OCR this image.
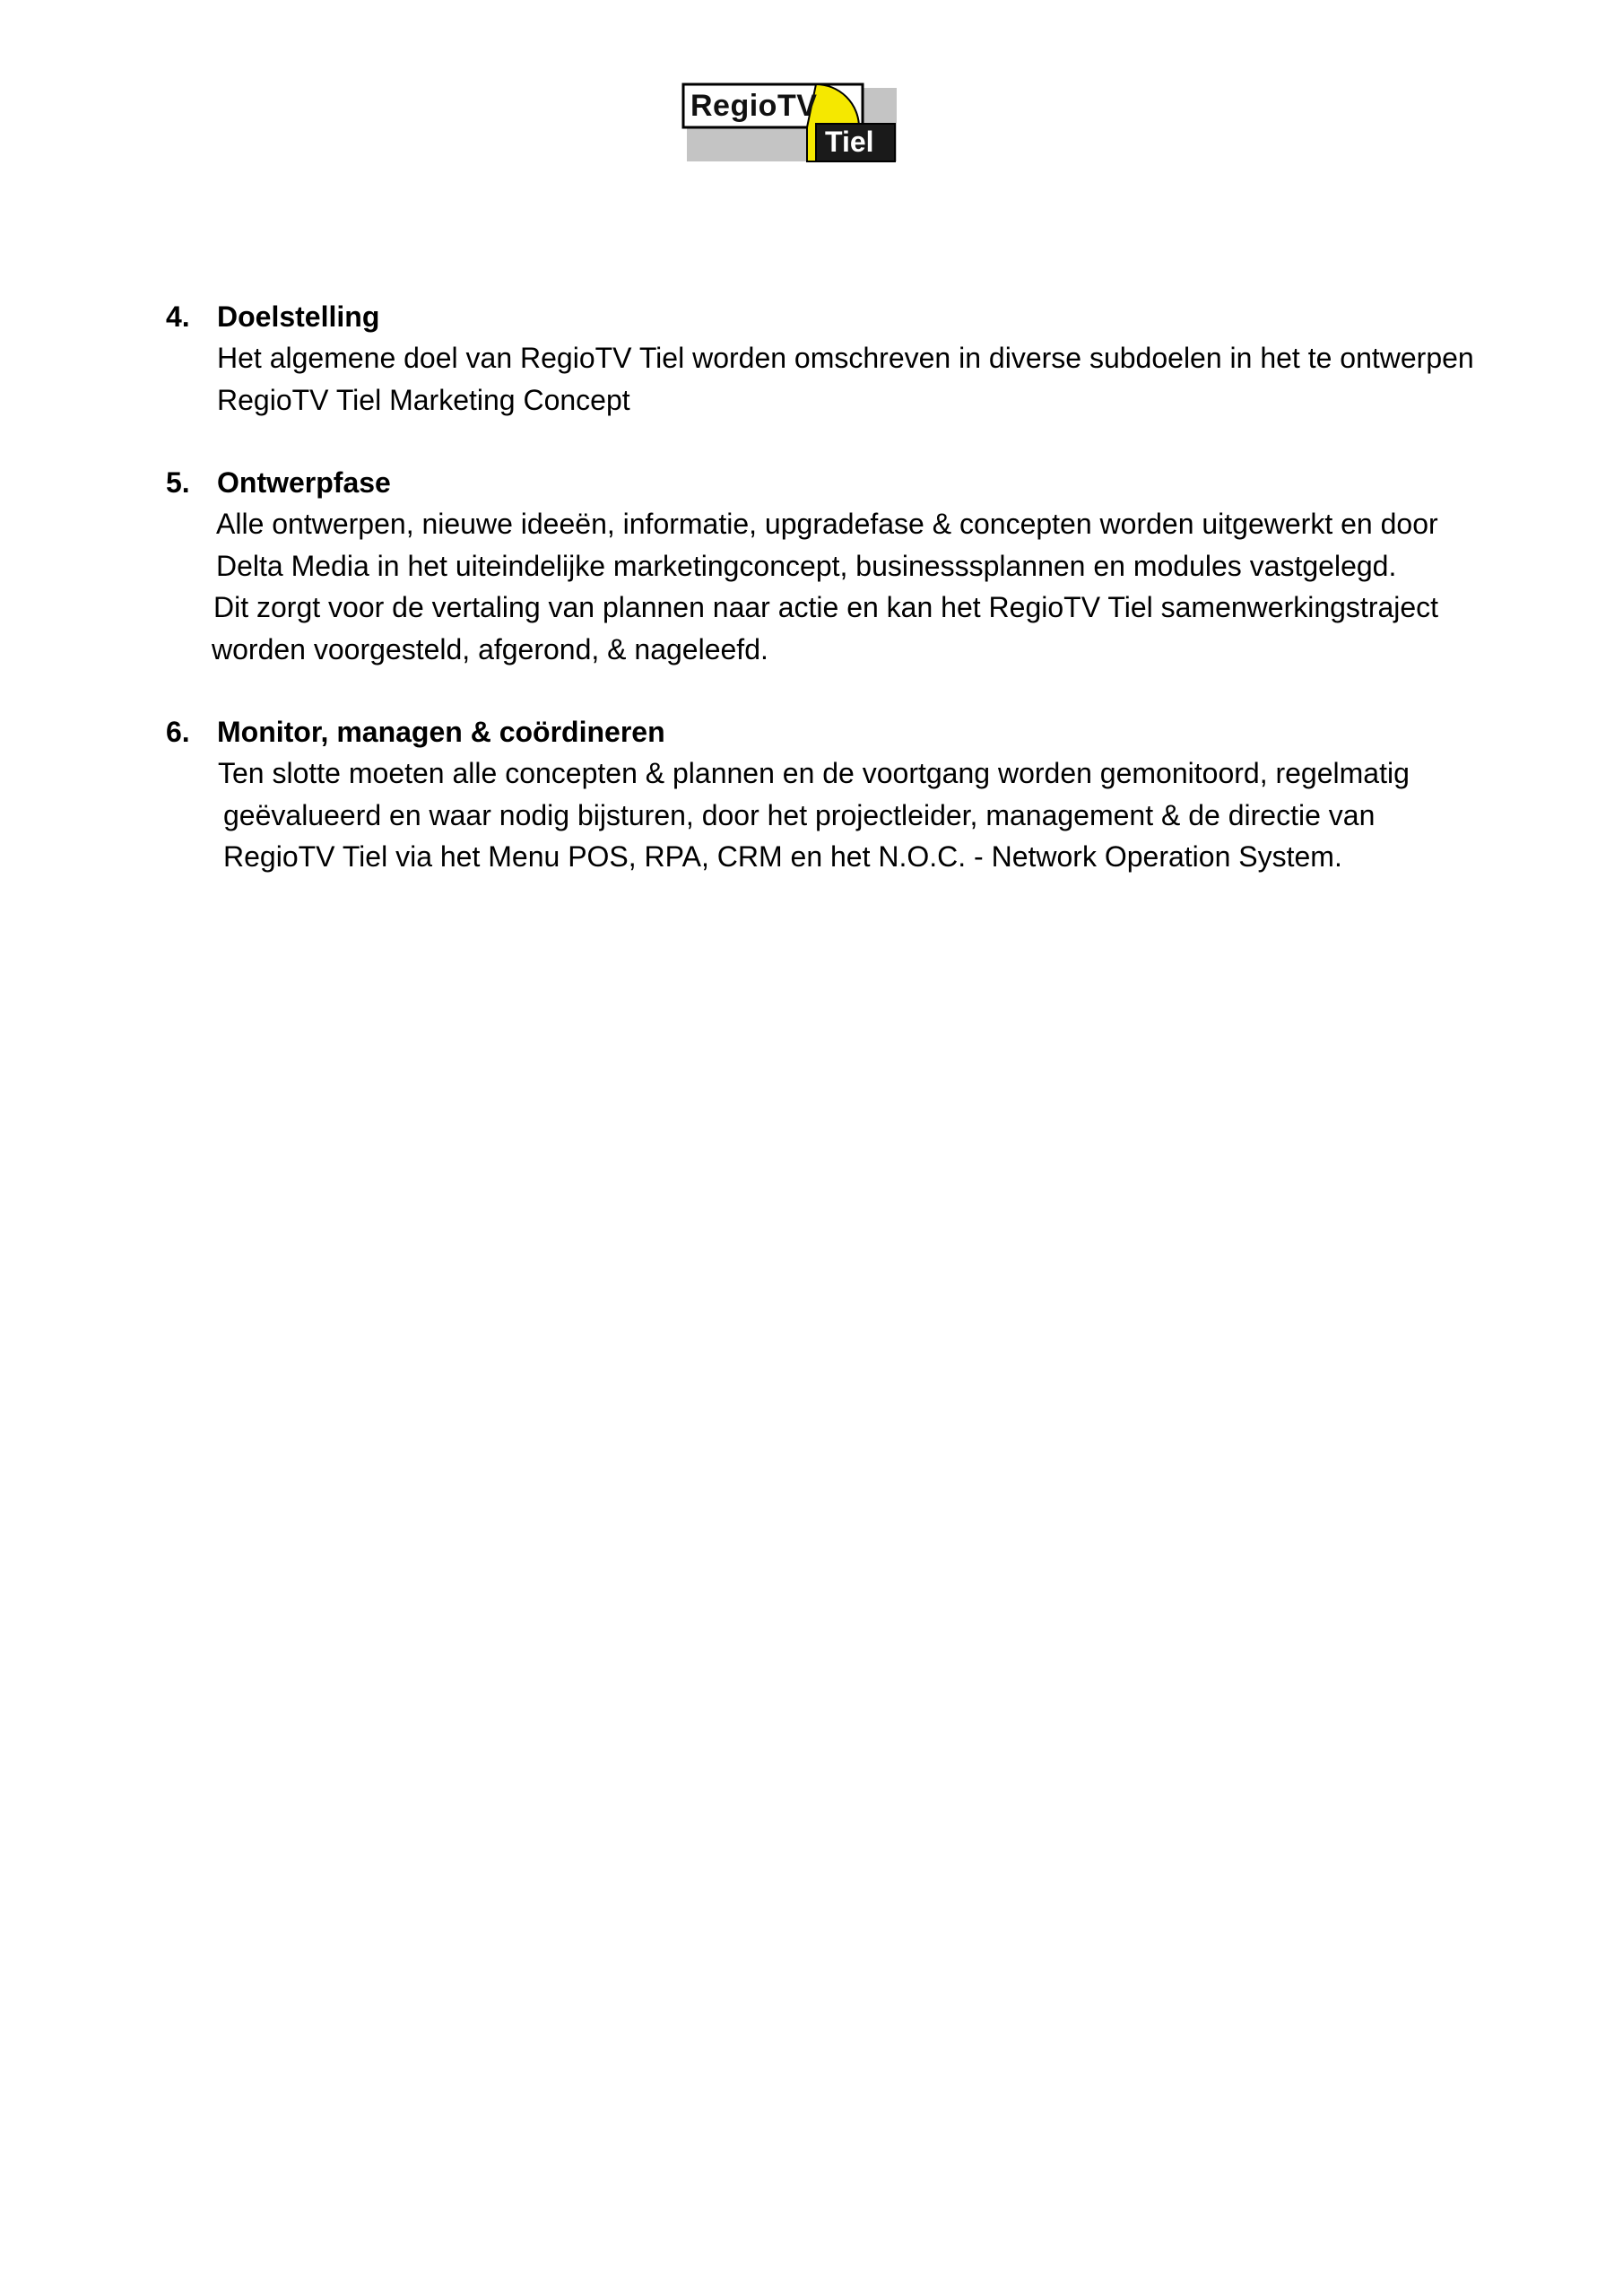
RegioTV
Tiel
4. Doelstelling
Het algemene doel van RegioTV Tiel worden omschreven in diverse subdoelen in het te ontwerpen
RegioTV Tiel Marketing Concept
5. Ontwerpfase
Alle ontwerpen, nieuwe ideeën, informatie, upgradefase & concepten worden uitgewerkt en door
Delta Media in het uiteindelijke marketingconcept, businesssplannen en modules vastgelegd.
Dit zorgt voor de vertaling van plannen naar actie en kan het RegioTV Tiel samenwerkingstraject
worden voorgesteld, afgerond, & nageleefd.
6. Monitor, managen & coördineren
Ten slotte moeten alle concepten & plannen en de voortgang worden gemonitoord, regelmatig
geëvalueerd en waar nodig bijsturen, door het projectleider, management & de directie van
RegioTV Tiel via het Menu POS, RPA, CRM en het N.O.C. - Network Operation System.
